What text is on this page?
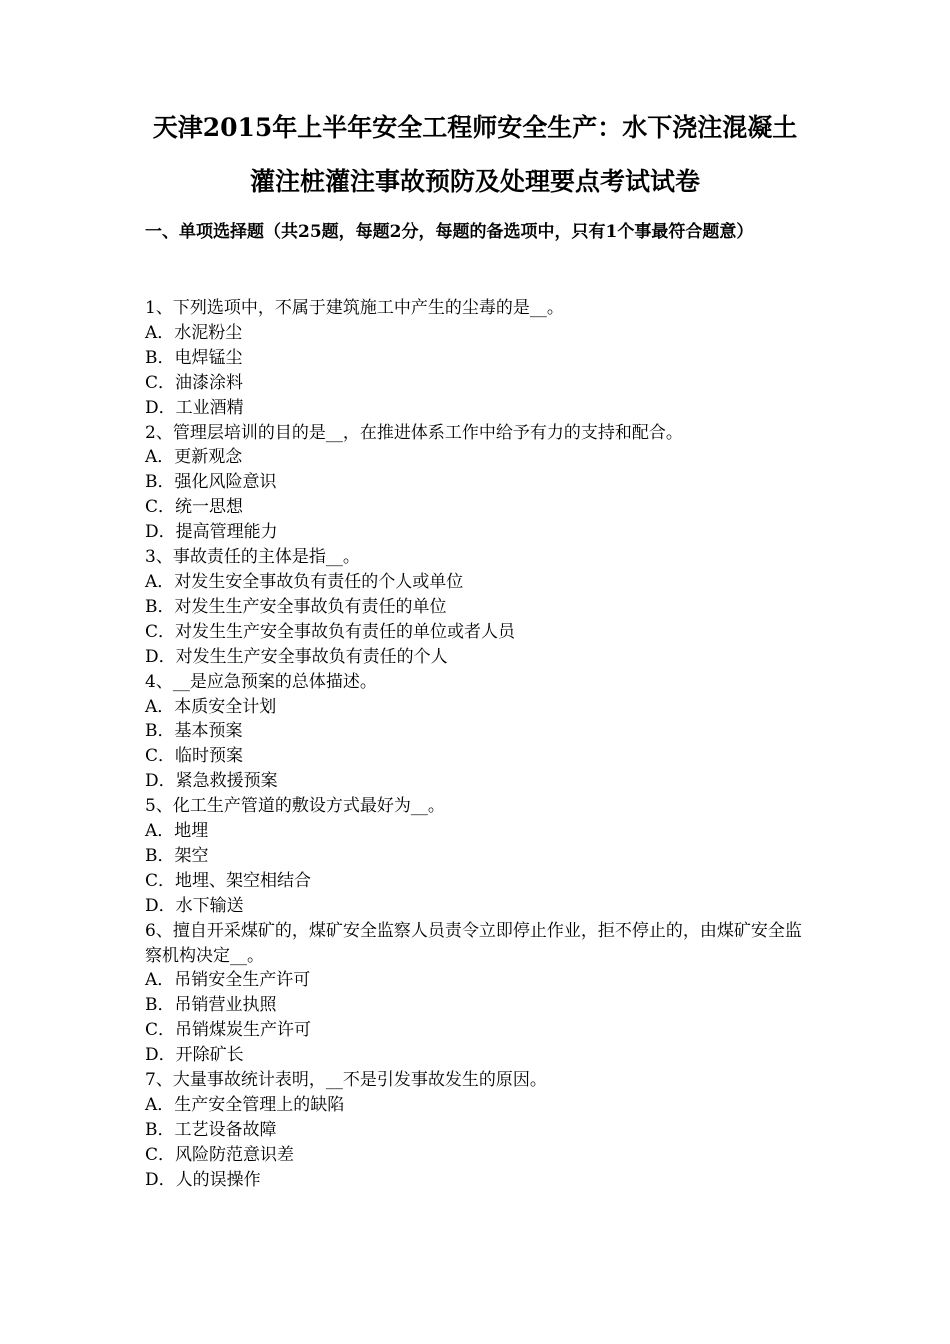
天津2015年上半年安全工程师安全生产：水下浇注混凝土
灌注桩灌注事故预防及处理要点考试试卷
一、单项选择题（共25题，每题2分，每题的备选项中，只有1个事最符合题意）
1、下列选项中，不属于建筑施工中产生的尘毒的是__。
A．水泥粉尘
B．电焊锰尘
C．油漆涂料
D．工业酒精
2、管理层培训的目的是__，在推进体系工作中给予有力的支持和配合。
A．更新观念
B．强化风险意识
C．统一思想
D．提高管理能力
3、事故责任的主体是指__。
A．对发生安全事故负有责任的个人或单位
B．对发生生产安全事故负有责任的单位
C．对发生生产安全事故负有责任的单位或者人员
D．对发生生产安全事故负有责任的个人
4、__是应急预案的总体描述。
A．本质安全计划
B．基本预案
C．临时预案
D．紧急救援预案
5、化工生产管道的敷设方式最好为__。
A．地埋
B．架空
C．地埋、架空相结合
D．水下输送
6、擅自开采煤矿的，煤矿安全监察人员责令立即停止作业，拒不停止的，由煤矿安全监察机构决定__。
A．吊销安全生产许可
B．吊销营业执照
C．吊销煤炭生产许可
D．开除矿长
7、大量事故统计表明，__不是引发事故发生的原因。
A．生产安全管理上的缺陷
B．工艺设备故障
C．风险防范意识差
D．人的误操作
